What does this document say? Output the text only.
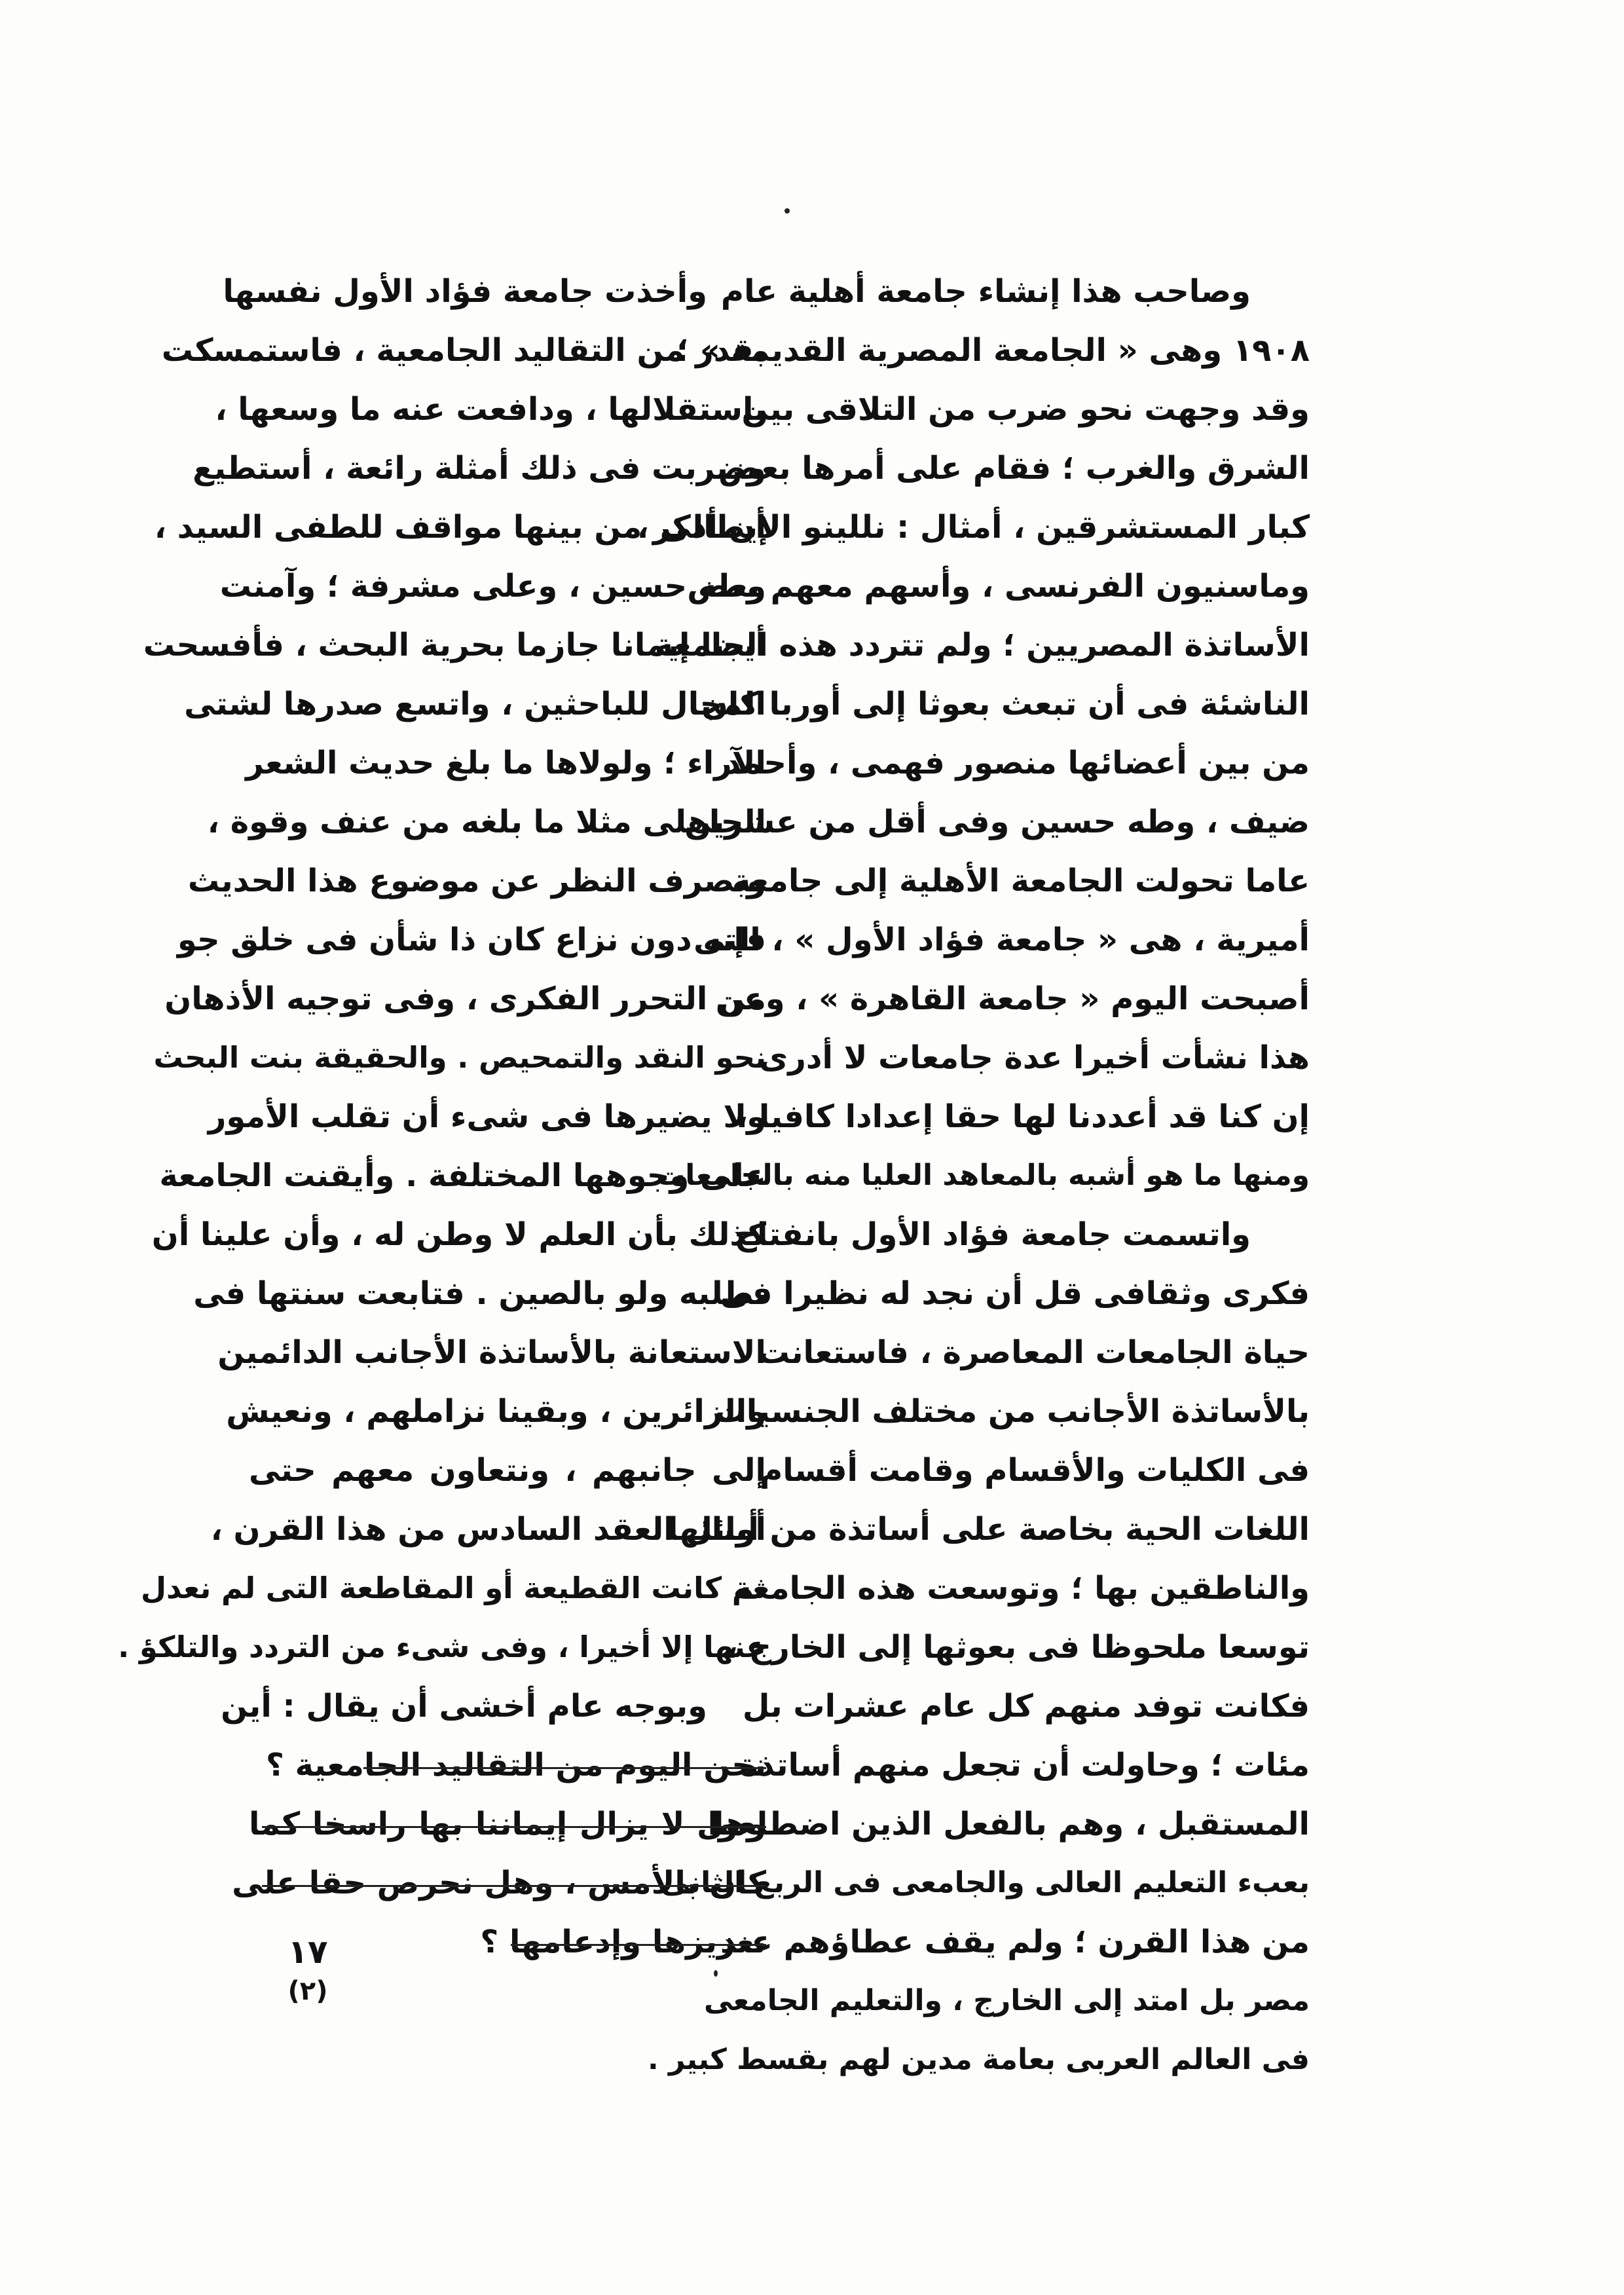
وصاحب هذا إنشاء جامعة أهلية عام
١٩٠٨ وهى « الجامعة المصرية القديمة » ؛
وقد وجهت نحو ضرب من التلاقى بين
الشرق والغرب ؛ فقام على أمرها بعض
كبار المستشرقين ، أمثال : نللينو الإيطالى ،
وماسنيون الفرنسى ، وأسهم معهم بعض
الأساتذة المصريين ؛ ولم تتردد هذه الجامعة
الناشئة فى أن تبعث بعوثا إلى أوربا كان
من بين أعضائها منصور فهمى ، وأحمد
ضيف ، وطه حسين وفى أقل من عشرين
عاما تحولت الجامعة الأهلية إلى جامعة
أميرية ، هى « جامعة فؤاد الأول » ، التى
أصبحت اليوم « جامعة القاهرة » ، وعن
هذا نشأت أخيرا عدة جامعات لا أدرى
إن كنا قد أعددنا لها حقا إعدادا كافيا ،
ومنها ما هو أشبه بالمعاهد العليا منه بالجامعات
واتسمت جامعة فؤاد الأول بانفتاح
فكرى وثقافى قل أن نجد له نظيرا فى
حياة الجامعات المعاصرة ، فاستعانت
بالأساتذة الأجانب من مختلف الجنسيات
فى الكليات والأقسام وقامت أقسام
اللغات الحية بخاصة على أساتذة من أبنائها
والناطقين بها ؛ وتوسعت هذه الجامعة
توسعا ملحوظا فى بعوثها إلى الخارج ،
فكانت توفد منهم كل عام عشرات بل
مئات ؛ وحاولت أن تجعل منهم أساتذة
المستقبل ، وهم بالفعل الذين اضطلعوا
بعبء التعليم العالى والجامعى فى الربع الثانى
من هذا القرن ؛ ولم يقف عطاؤهم عند
مصر بل امتد إلى الخارج ، والتعليم الجامعى
فى العالم العربى بعامة مدين لهم بقسط كبير .
وأخذت جامعة فؤاد الأول نفسها
بقدر من التقاليد الجامعية ، فاستمسكت
باستقلالها ، ودافعت عنه ما وسعها ،
وضربت فى ذلك أمثلة رائعة ، أستطيع
أن أذكر من بينها مواقف للطفى السيد ،
وطه حسين ، وعلى مشرفة ؛ وآمنت
أيضا إيمانا جازما بحرية البحث ، فأفسحت
المجال للباحثين ، واتسع صدرها لشتى
الآراء ؛ ولولاها ما بلغ حديث الشعر
الجاهلى مثلا ما بلغه من عنف وقوة ،
وبصرف النظر عن موضوع هذا الحديث
فإنه دون نزاع كان ذا شأن فى خلق جو
من التحرر الفكرى ، وفى توجيه الأذهان
نحو النقد والتمحيص . والحقيقة بنت البحث
ولا يضيرها فى شىء أن تقلب الأمور
على وجوهها المختلفة . وأيقنت الجامعة
كذلك بأن العلم لا وطن له ، وأن علينا أن
نطلبه ولو بالصين . فتابعت سنتها فى
الاستعانة بالأساتذة الأجانب الدائمين
والزائرين ، وبقينا نزاملهم ، ونعيش
إلى جانبهم ، ونتعاون معهم حتى
أوائل العقد السادس من هذا القرن ،
ثم كانت القطيعة أو المقاطعة التى لم نعدل
عنها إلا أخيرا ، وفى شىء من التردد والتلكؤ .
وبوجه عام أخشى أن يقال : أين
نحن اليوم من التقاليد الجامعية ؟
وهل لا يزال إيماننا بها راسخا كما
كان بالأمس ، وهل نحرص حقا على
تعزيزها وإدعامها ؟
١٧
(٢)
